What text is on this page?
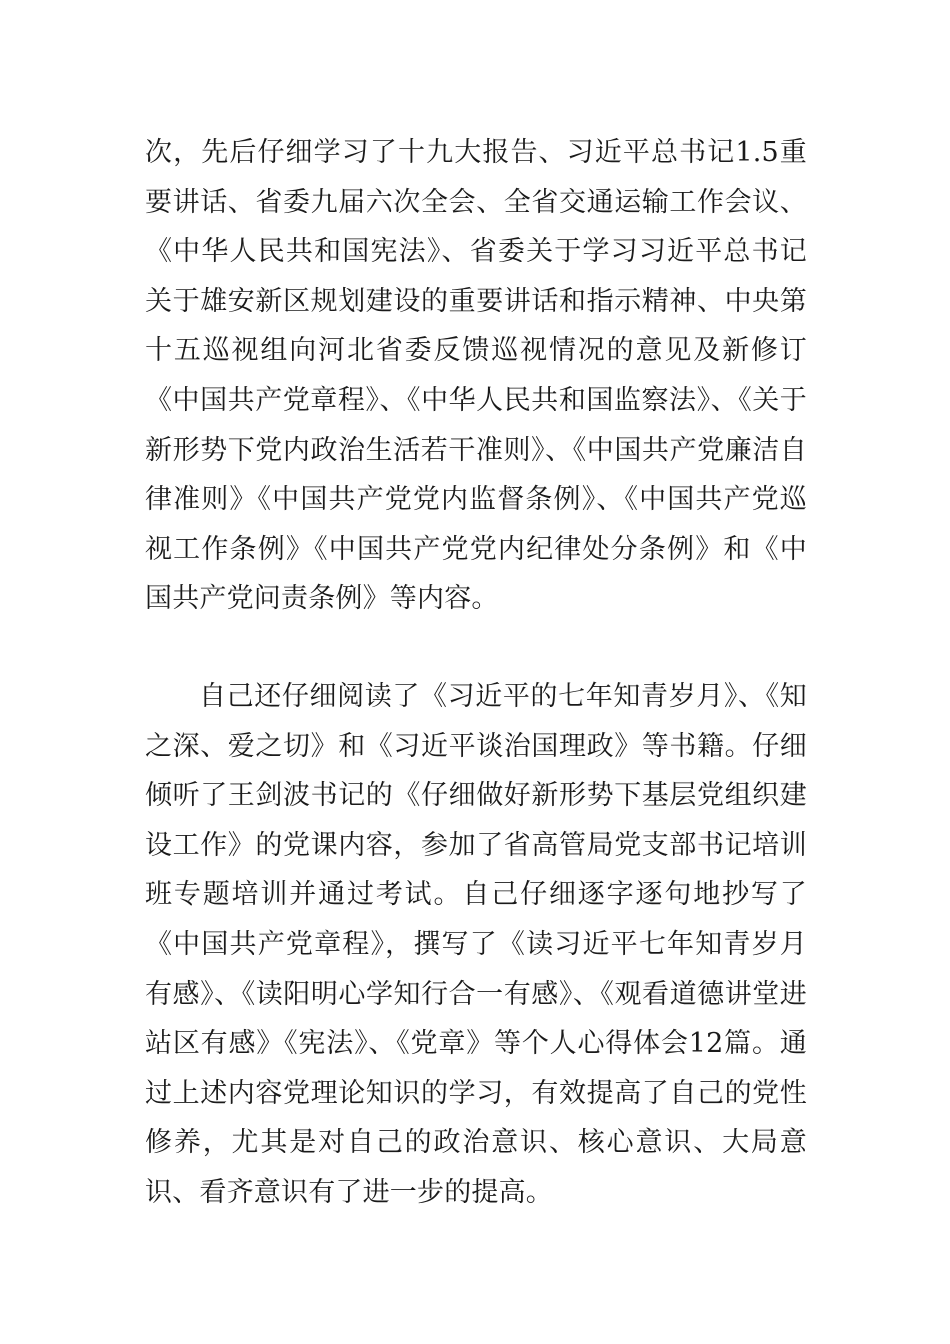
次，先后仔细学习了十九大报告、习近平总书记1.5重要讲话、省委九届六次全会、全省交通运输工作会议、《中华人民共和国宪法》、省委关于学习习近平总书记关于雄安新区规划建设的重要讲话和指示精神、中央第十五巡视组向河北省委反馈巡视情况的意见及新修订《中国共产党章程》、《中华人民共和国监察法》、《关于新形势下党内政治生活若干准则》、《中国共产党廉洁自律准则》《中国共产党党内监督条例》、《中国共产党巡视工作条例》《中国共产党党内纪律处分条例》和《中国共产党问责条例》等内容。

自己还仔细阅读了《习近平的七年知青岁月》、《知之深、爱之切》和《习近平谈治国理政》等书籍。仔细倾听了王剑波书记的《仔细做好新形势下基层党组织建设工作》的党课内容，参加了省高管局党支部书记培训班专题培训并通过考试。自己仔细逐字逐句地抄写了《中国共产党章程》，撰写了《读习近平七年知青岁月有感》、《读阳明心学知行合一有感》、《观看道德讲堂进站区有感》《宪法》、《党章》等个人心得体会12篇。通过上述内容党理论知识的学习，有效提高了自己的党性修养，尤其是对自己的政治意识、核心意识、大局意识、看齐意识有了进一步的提高。
